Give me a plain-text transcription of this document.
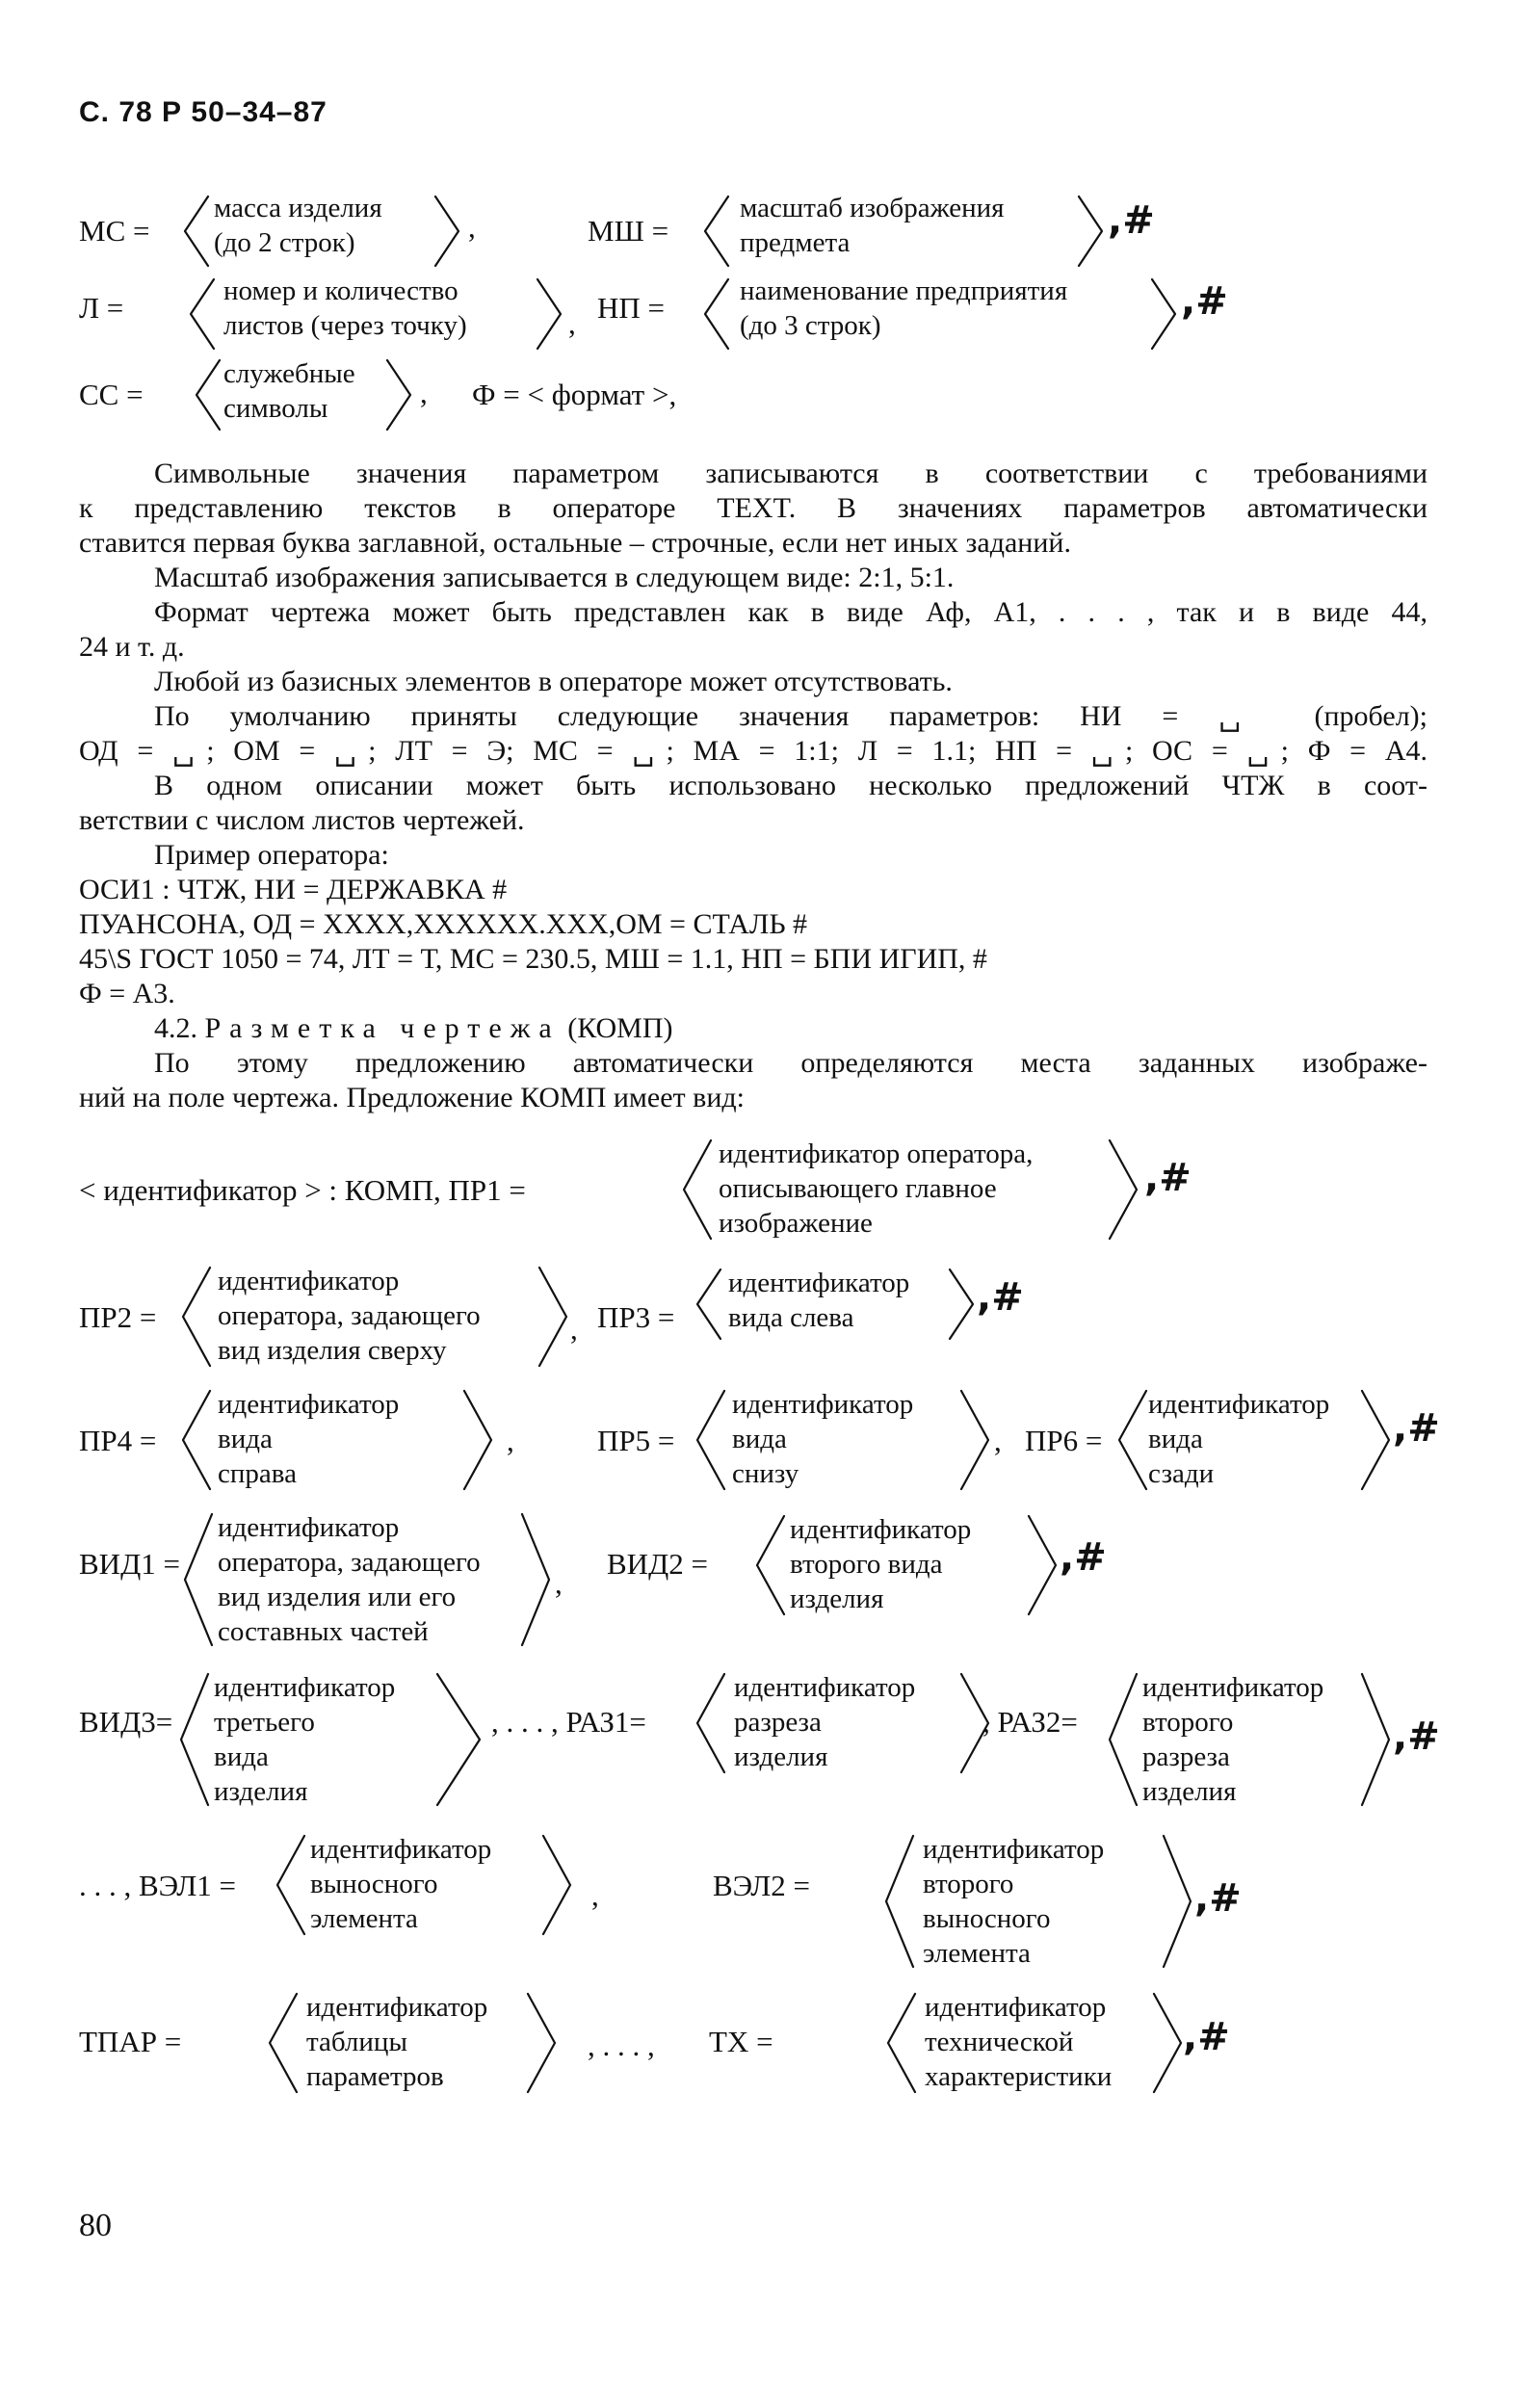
С. 78 Р 50–34–87
МС =
масса изделия
(до 2 строк)	,	МШ =
масштаб изображения
предмета	,#
Л =	номер и количество
листов (через точку)	, НП =	наименование предприятия
(до 3 строк)
,#
СС =
служебные
символы	, Ф = < формат >,
Символьные значения параметром записываются в соответствии с требованиями
к представлению текстов в операторе TEXT. В значениях параметров автоматически
ставится первая буква заглавной, остальные – строчные, если нет иных заданий.
Масштаб изображения записывается в следующем виде: 2:1, 5:1.
Формат чертежа может быть представлен как в виде Аф, А1, . . . , так и в виде 44,
24 и т. д.
Любой из базисных элементов в операторе может отсутствовать.
По умолчанию приняты следующие значения параметров: НИ = ␣ (пробел);
ОД = ␣; ОМ = ␣; ЛТ = Э; МС = ␣; МА = 1:1; Л = 1.1; НП = ␣; ОС = ␣; Ф = А4.
В одном описании может быть использовано несколько предложений ЧТЖ в соот-
ветствии с числом листов чертежей.
Пример оператора:
ОСИ1 : ЧТЖ, НИ = ДЕРЖАВКА #
ПУАНСОНА, ОД = XXXX,XXXXXX.XXX,ОМ = СТАЛЬ #
45\S ГОСТ 1050 = 74, ЛТ = Т, МС = 230.5, МШ = 1.1, НП = БПИ ИГИП, #
Ф = А3.
4.2. Разметка чертежа (КОМП)
По этому предложению автоматически определяются места заданных изображе-
ний на поле чертежа. Предложение КОМП имеет вид:
< идентификатор > : КОМП, ПР1 =
идентификатор оператора,
описывающего главное
изображение
,#
ПР2 =
идентификатор
оператора, задающего
вид изделия сверху
, ПР3 =
идентификатор
вида слева	,#
ПР4 =
идентификатор
вида
справа
,	ПР5 =
идентификатор
вида
снизу
, ПР6 =
идентификатор
вида
сзади
,#
ВИД1 =
идентификатор
оператора, задающего
вид изделия или его
составных частей
,
ВИД2 =
идентификатор
второго вида
изделия
,#
ВИД3=
идентификатор
третьего
вида
изделия
, . . . , РАЗ1=
идентификатор
разреза
изделия
, РАЗ2=
идентификатор
второго
разреза
изделия
,#
. . . , ВЭЛ1 =
идентификатор
выносного
элемента
,	ВЭЛ2 =
идентификатор
второго
выносного
элемента
,#
ТПАР =
идентификатор
таблицы
параметров
, . . . , ТХ =
идентификатор
технической
характеристики
,#
80
